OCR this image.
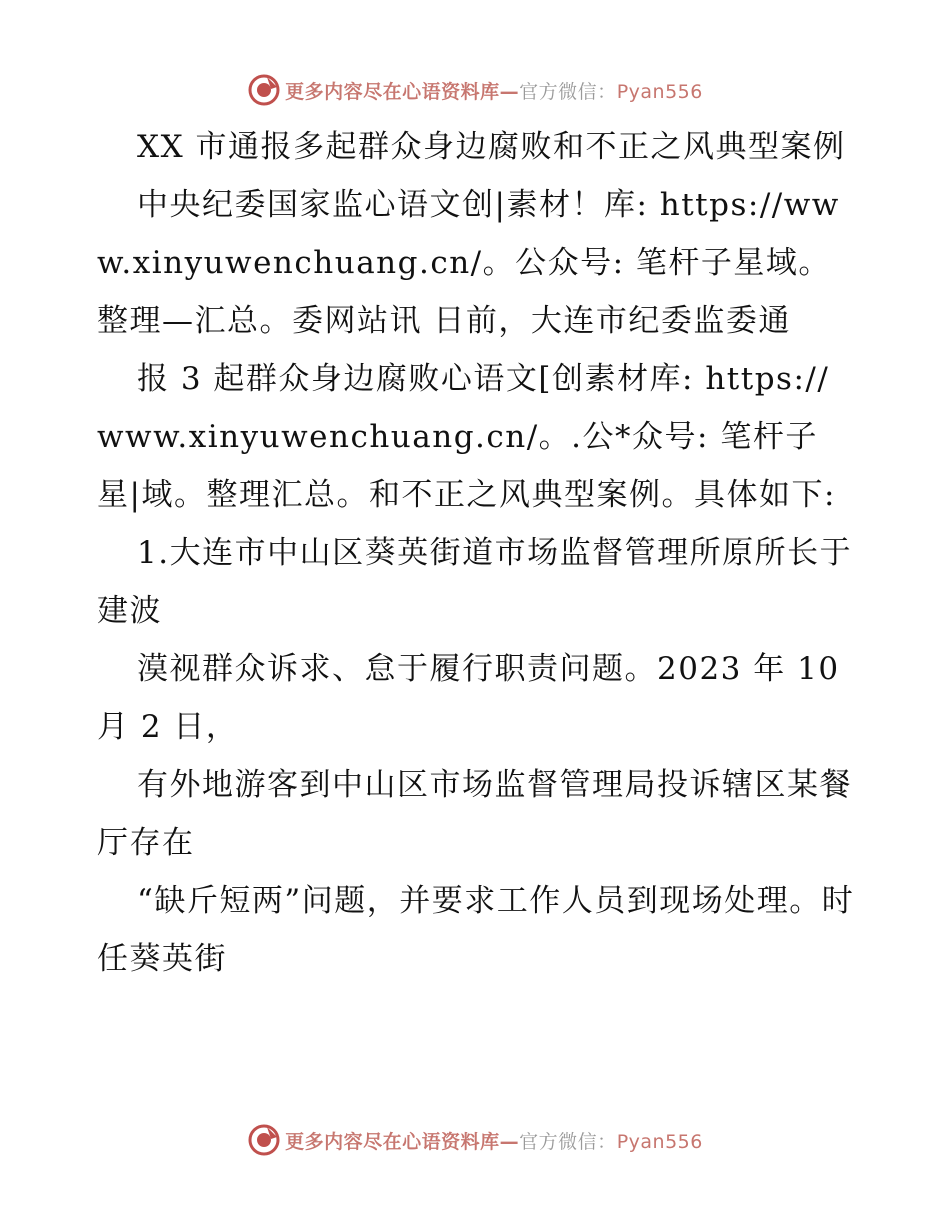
更多内容尽在心语资料库—官方微信：Pyan556

XX 市通报多起群众身边腐败和不正之风典型案例

中央纪委国家监心语文创|素材！库: https://www.xinyuwenchuang.cn/。公众号: 笔杆子星域。整理—汇总。委网站讯 日前，大连市纪委监委通

报 3 起群众身边腐败心语文[创素材库: https://www.xinyuwenchuang.cn/。.公*众号: 笔杆子星|域。整理汇总。和不正之风典型案例。具体如下:

1.大连市中山区葵英街道市场监督管理所原所长于建波

漠视群众诉求、怠于履行职责问题。2023 年 10 月 2 日，

有外地游客到中山区市场监督管理局投诉辖区某餐厅存在

“缺斤短两”问题，并要求工作人员到现场处理。时任葵英街

更多内容尽在心语资料库—官方微信：Pyan556
